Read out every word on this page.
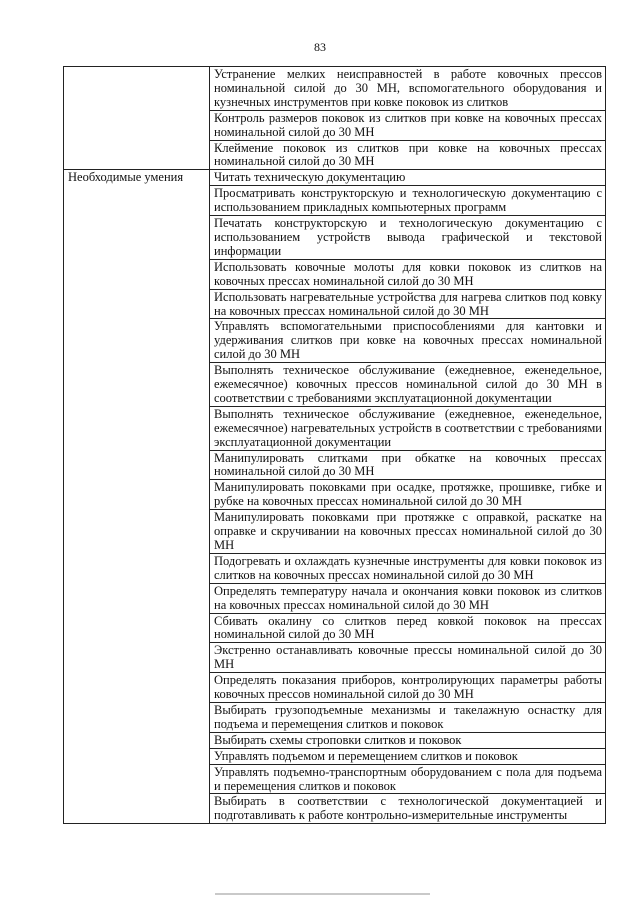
83
	Устранение мелких неисправностей в работе ковочных прессов номинальной силой до 30 МН, вспомогательного оборудования и кузнечных инструментов при ковке поковок из слитков
	Контроль размеров поковок из слитков при ковке на ковочных прессах номинальной силой до 30 МН
	Клеймение поковок из слитков при ковке на ковочных прессах номинальной силой до 30 МН
Необходимые умения	Читать техническую документацию
	Просматривать конструкторскую и технологическую документацию с использованием прикладных компьютерных программ
	Печатать конструкторскую и технологическую документацию с использованием устройств вывода графической и текстовой информации
	Использовать ковочные молоты для ковки поковок из слитков на ковочных прессах номинальной силой до 30 МН
	Использовать нагревательные устройства для нагрева слитков под ковку на ковочных прессах номинальной силой до 30 МН
	Управлять вспомогательными приспособлениями для кантовки и удерживания слитков при ковке на ковочных прессах номинальной силой до 30 МН
	Выполнять техническое обслуживание (ежедневное, еженедельное, ежемесячное) ковочных прессов номинальной силой до 30 МН в соответствии с требованиями эксплуатационной документации
	Выполнять техническое обслуживание (ежедневное, еженедельное, ежемесячное) нагревательных устройств в соответствии с требованиями эксплуатационной документации
	Манипулировать слитками при обкатке на ковочных прессах номинальной силой до 30 МН
	Манипулировать поковками при осадке, протяжке, прошивке, гибке и рубке на ковочных прессах номинальной силой до 30 МН
	Манипулировать поковками при протяжке с оправкой, раскатке на оправке и скручивании на ковочных прессах номинальной силой до 30 МН
	Подогревать и охлаждать кузнечные инструменты для ковки поковок из слитков на ковочных прессах номинальной силой до 30 МН
	Определять температуру начала и окончания ковки поковок из слитков на ковочных прессах номинальной силой до 30 МН
	Сбивать окалину со слитков перед ковкой поковок на прессах номинальной силой до 30 МН
	Экстренно останавливать ковочные прессы номинальной силой до 30 МН
	Определять показания приборов, контролирующих параметры работы ковочных прессов номинальной силой до 30 МН
	Выбирать грузоподъемные механизмы и такелажную оснастку для подъема и перемещения слитков и поковок
	Выбирать схемы строповки слитков и поковок
	Управлять подъемом и перемещением слитков и поковок
	Управлять подъемно-транспортным оборудованием с пола для подъема и перемещения слитков и поковок
	Выбирать в соответствии с технологической документацией и подготавливать к работе контрольно-измерительные инструменты
